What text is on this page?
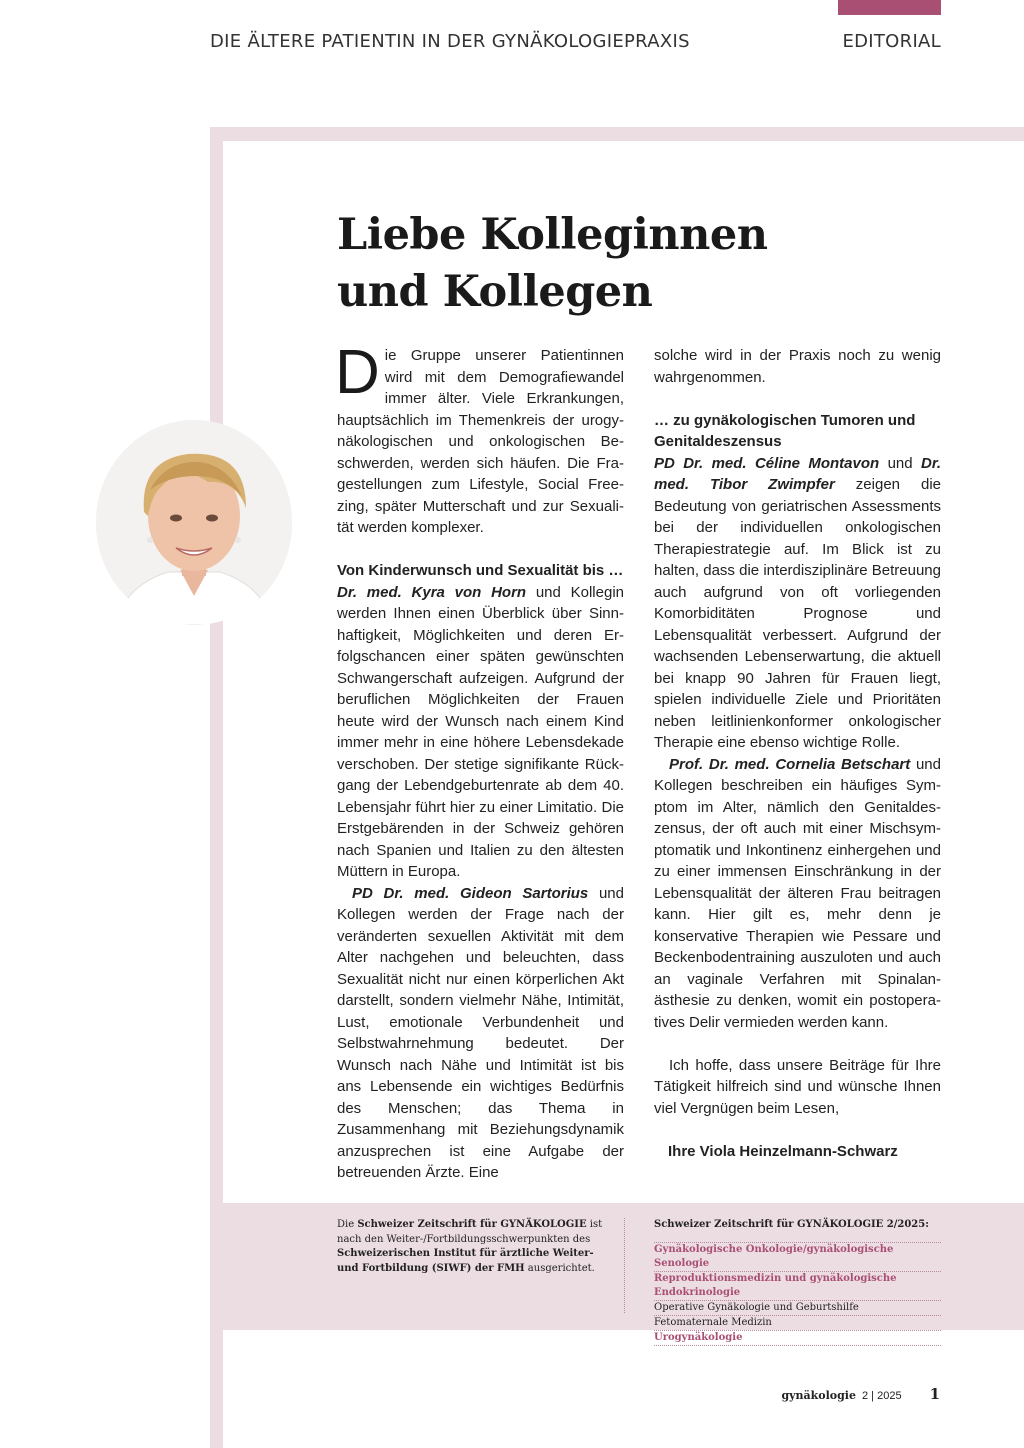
DIE ÄLTERE PATIENTIN IN DER GYNÄKOLOGIEPRAXIS	EDITORIAL
Liebe Kolleginnen
und Kollegen

Die Gruppe unserer Patientinnen wird mit dem Demografiewandel immer älter. Viele Erkrankungen, hauptsächlich im Themenkreis der urogynäkologischen und onkologischen Beschwerden, werden sich häufen. Die Fragestellungen zum Lifestyle, Social Freezing, später Mutterschaft und zur Sexualität werden komplexer.

Von Kinderwunsch und Sexualität bis …

Dr. med. Kyra von Horn und Kollegin werden Ihnen einen Überblick über Sinnhaftigkeit, Möglichkeiten und deren Erfolgschancen einer späten gewünschten Schwangerschaft aufzeigen. Aufgrund der beruflichen Möglichkeiten der Frauen heute wird der Wunsch nach einem Kind immer mehr in eine höhere Lebensdekade verschoben. Der stetige signifikante Rückgang der Lebendgeburtenrate ab dem 40. Lebensjahr führt hier zu einer Limitatio. Die Erstgebärenden in der Schweiz gehören nach Spanien und Italien zu den ältesten Müttern in Europa.

PD Dr. med. Gideon Sartorius und Kollegen werden der Frage nach der veränderten sexuellen Aktivität mit dem Alter nachgehen und beleuchten, dass Sexualität nicht nur einen körperlichen Akt darstellt, sondern vielmehr Nähe, Intimität, Lust, emotionale Verbundenheit und Selbstwahrnehmung bedeutet. Der Wunsch nach Nähe und Intimität ist bis ans Lebensende ein wichtiges Bedürfnis des Menschen; das Thema in Zusammenhang mit Beziehungsdynamik anzusprechen ist eine Aufgabe der betreuenden Ärzte. Eine

solche wird in der Praxis noch zu wenig wahrgenommen.

… zu gynäkologischen Tumoren und
Genitaldeszensus

PD Dr. med. Céline Montavon und Dr. med. Tibor Zwimpfer zeigen die Bedeutung von geriatrischen Assessments bei der individuellen onkologischen Therapiestrategie auf. Im Blick ist zu halten, dass die interdisziplinäre Betreuung auch aufgrund von oft vorliegenden Komorbiditäten Prognose und Lebensqualität verbessert. Aufgrund der wachsenden Lebenserwartung, die aktuell bei knapp 90 Jahren für Frauen liegt, spielen individuelle Ziele und Prioritäten neben leitlinienkonformer onkologischer Therapie eine ebenso wichtige Rolle.

Prof. Dr. med. Cornelia Betschart und Kollegen beschreiben ein häufiges Symptom im Alter, nämlich den Genitaldeszensus, der oft auch mit einer Mischsymptomatik und Inkontinenz einhergehen und zu einer immensen Einschränkung in der Lebensqualität der älteren Frau beitragen kann. Hier gilt es, mehr denn je konservative Therapien wie Pessare und Beckenbodentraining auszuloten und auch an vaginale Verfahren mit Spinalanästhesie zu denken, womit ein postoperatives Delir vermieden werden kann.

Ich hoffe, dass unsere Beiträge für Ihre Tätigkeit hilfreich sind und wünsche Ihnen viel Vergnügen beim Lesen,

Ihre Viola Heinzelmann-Schwarz

Die Schweizer Zeitschrift für GYNÄKOLOGIE ist nach den Weiter-/Fortbildungsschwerpunkten des Schweizerischen Institut für ärztliche Weiter- und Fortbildung (SIWF) der FMH ausgerichtet.
Schweizer Zeitschrift für GYNÄKOLOGIE 2/2025:
Gynäkologische Onkologie/gynäkologische Senologie
Reproduktionsmedizin und gynäkologische Endokrinologie
Operative Gynäkologie und Geburtshilfe
Fetomaternale Medizin
Urogynäkologie
gynäkologie 2 | 2025 1
